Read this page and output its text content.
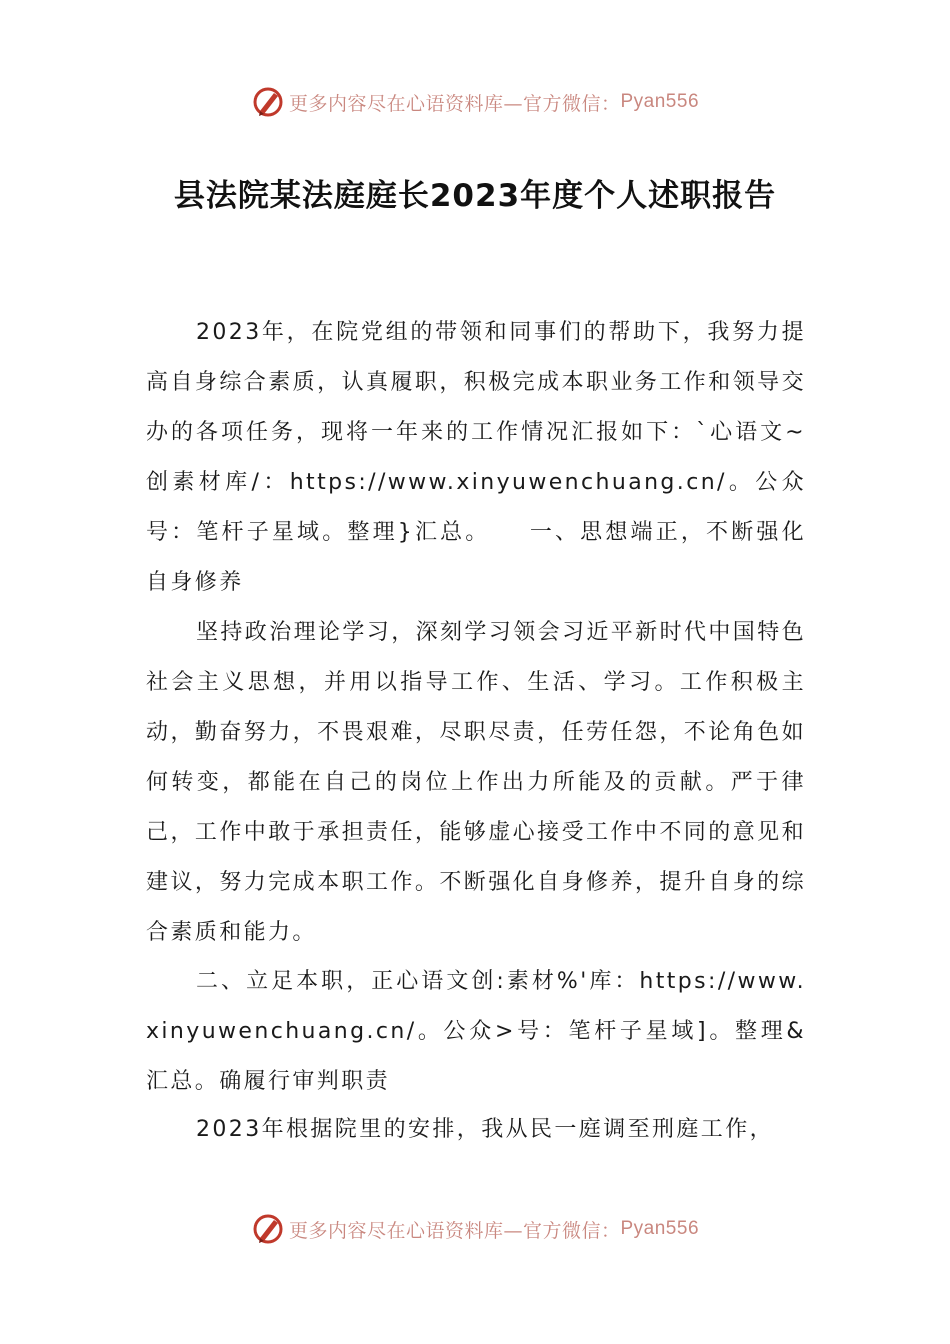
更多内容尽在心语资料库—官方微信： Pyan556
县法院某法庭庭长2023年度个人述职报告

2023年，在院党组的带领和同事们的帮助下，我努力提高自身综合素质，认真履职，积极完成本职业务工作和领导交办的各项任务，现将一年来的工作情况汇报如下：`心语文~创素材库/：https://www.xinyuwenchuang.cn/。公众号：笔杆子星域。整理}汇总。　　一、思想端正，不断强化自身修养

坚持政治理论学习，深刻学习领会习近平新时代中国特色社会主义思想，并用以指导工作、生活、学习。工作积极主动，勤奋努力，不畏艰难，尽职尽责，任劳任怨，不论角色如何转变，都能在自己的岗位上作出力所能及的贡献。严于律己，工作中敢于承担责任，能够虚心接受工作中不同的意见和建议，努力完成本职工作。不断强化自身修养，提升自身的综合素质和能力。

二、立足本职，正心语文创:素材%'库：https://www.xinyuwenchuang.cn/。公众>号：笔杆子星域]。整理&汇总。确履行审判职责

2023年根据院里的安排，我从民一庭调至刑庭工作，

更多内容尽在心语资料库—官方微信： Pyan556
